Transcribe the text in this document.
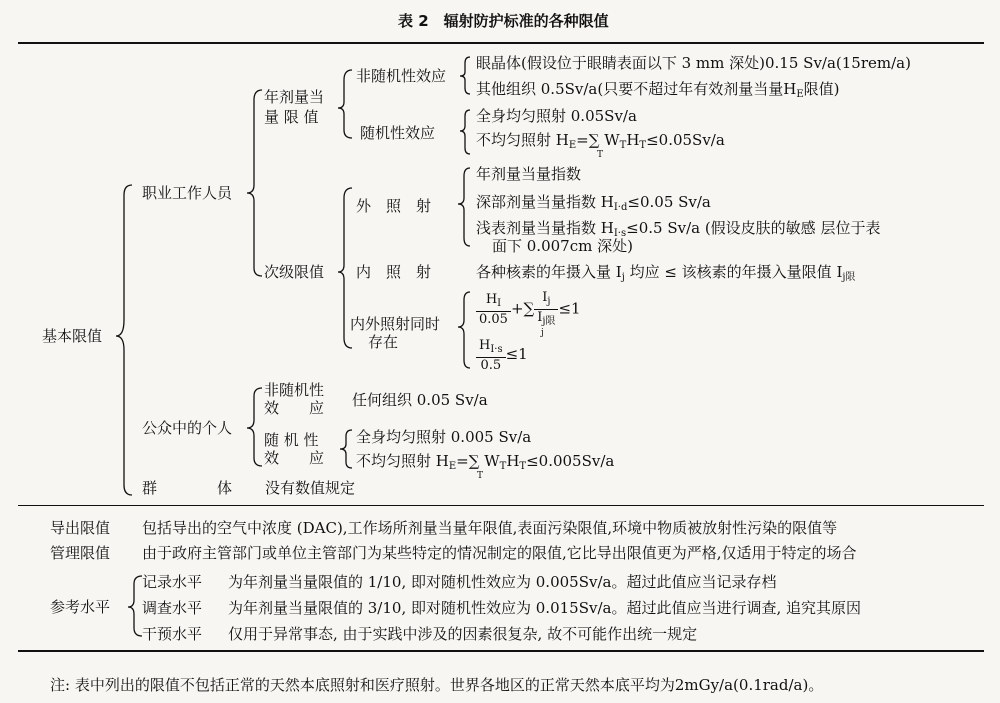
表 2　辐射防护标准的各种限值
基本限值
职业工作人员
年剂量当
量 限 值
非随机性效应
眼晶体(假设位于眼睛表面以下 3 mm 深处)0.15 Sv/a(15rem/a)
其他组织 0.5Sv/a(只要不超过年有效剂量当量$H_E$限值)
随机性效应
全身均匀照射 0.05Sv/a
不均匀照射 $H_E=\sum$ $W_TH_T\le 0.05Sv/a$
T
次级限值
外　照　射
年剂量当量指数
深部剂量当量指数 $H_{I\cdot d}\le 0.05$ Sv/a
浅表剂量当量指数 $H_{I\cdot s}\le 0.5$ Sv/a (假设皮肤的敏感 层位于表
面下 0.007cm 深处)
内　照　射	各种核素的年摄入量 $I_j$ 均应 ≤ 该核素的年摄入量限值 $I_{j限}$
内外照射同时
存在
$\frac{H_I}{0.05}$ +∑ $\frac{I_j}{I_{j限}} \le 1$
j
$\frac{H_{I\cdot s}}{0.5} \le 1$
公众中的个人
非随机性
效　　应 任何组织 0.05 Sv/a
随 机 性
效　　应
全身均匀照射 0.005 Sv/a
不均匀照射 $H_E=\sum$ $W_TH_T\le 0.005Sv/a$
T
群　　　　体 没有数值规定
导出限值 包括导出的空气中浓度 (DAC),工作场所剂量当量年限值,表面污染限值,环境中物质被放射性污染的限值等
管理限值 由于政府主管部门或单位主管部门为某些特定的情况制定的限值,它比导出限值更为严格,仅适用于特定的场合
参考水平
记录水平 为年剂量当量限值的 1/10, 即对随机性效应为 0.005Sv/a。超过此值应当记录存档
调查水平 为年剂量当量限值的 3/10, 即对随机性效应为 0.015Sv/a。超过此值应当进行调查, 追究其原因
干预水平 仅用于异常事态, 由于实践中涉及的因素很复杂, 故不可能作出统一规定
注: 表中列出的限值不包括正常的天然本底照射和医疗照射。世界各地区的正常天然本底平均为2mGy/a(0.1rad/a)。
